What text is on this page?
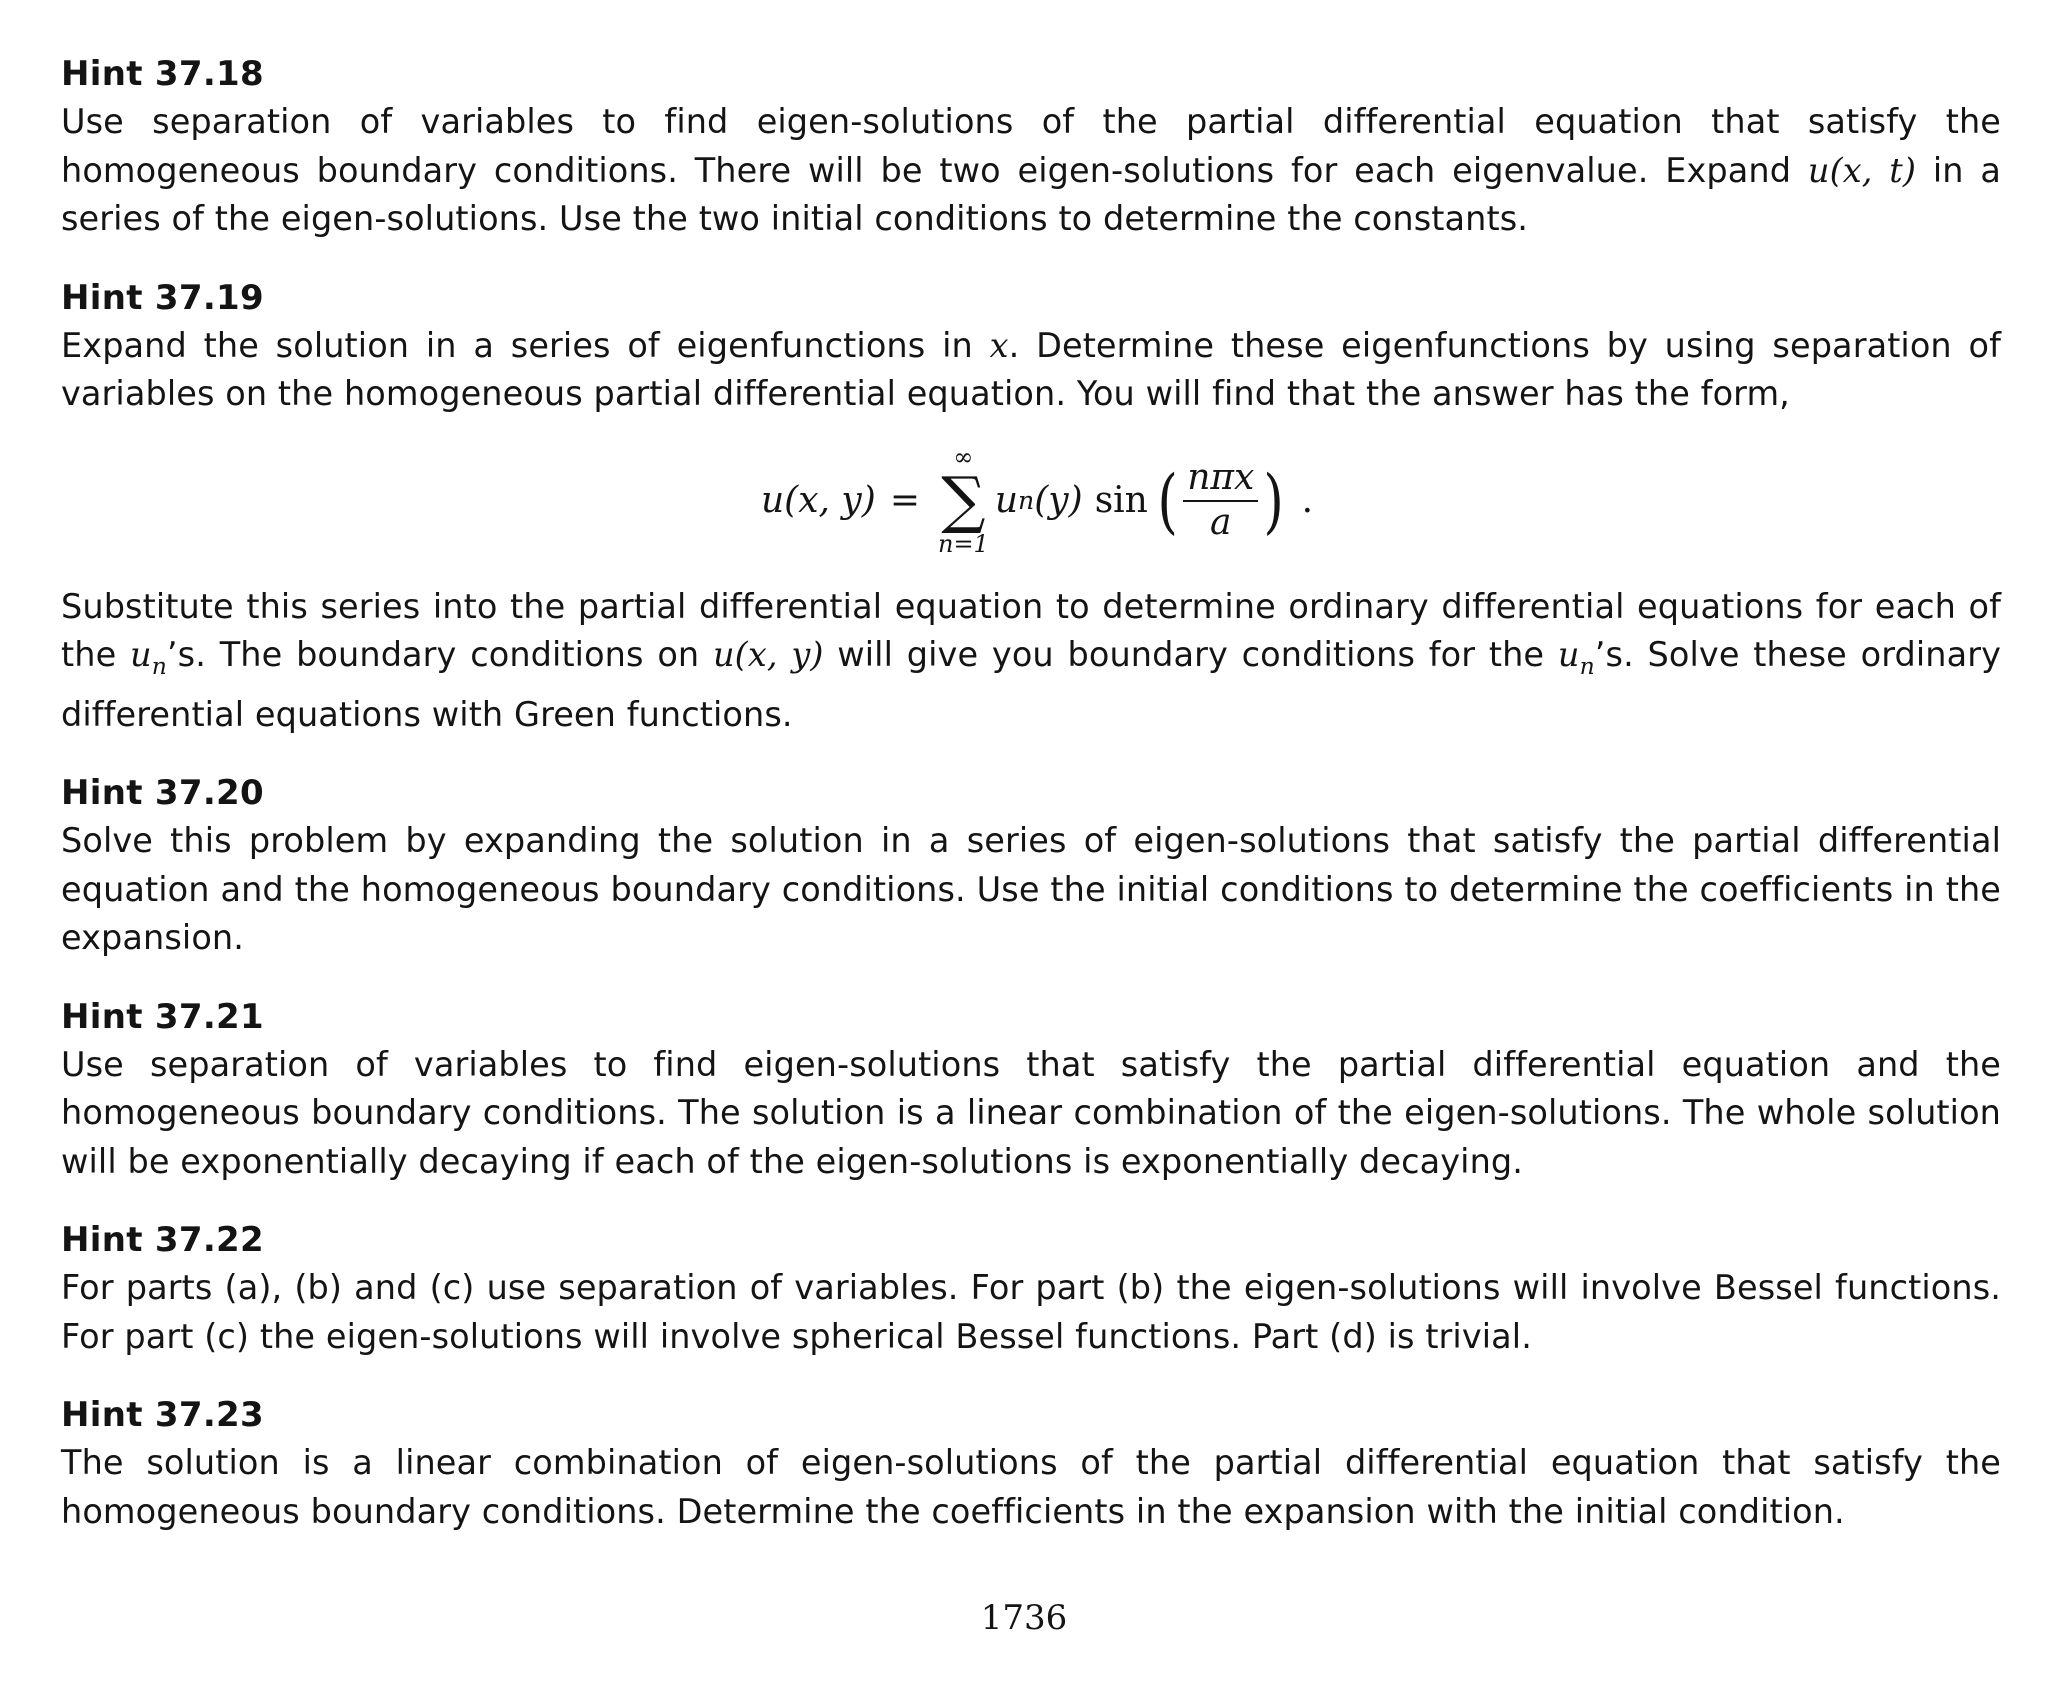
Hint 37.18
Use separation of variables to find eigen-solutions of the partial differential equation that satisfy the homogeneous boundary conditions. There will be two eigen-solutions for each eigenvalue. Expand u(x, t) in a series of the eigen-solutions. Use the two initial conditions to determine the constants.
Hint 37.19
Expand the solution in a series of eigenfunctions in x. Determine these eigenfunctions by using separation of variables on the homogeneous partial differential equation. You will find that the answer has the form,
u(x, y) =
∞
∑
n=1
u n (y) sin ( $\frac{\text{nπx}}{a}$ ) .
Substitute this series into the partial differential equation to determine ordinary differential equations for each of the $u_n’s$. The boundary conditions on u(x, y) will give you boundary conditions for the $u_n’s$. Solve these ordinary differential equations with Green functions.
Hint 37.20
Solve this problem by expanding the solution in a series of eigen-solutions that satisfy the partial differential equation and the homogeneous boundary conditions. Use the initial conditions to determine the coefficients in the expansion.
Hint 37.21
Use separation of variables to find eigen-solutions that satisfy the partial differential equation and the homogeneous boundary conditions. The solution is a linear combination of the eigen-solutions. The whole solution will be exponentially decaying if each of the eigen-solutions is exponentially decaying.
Hint 37.22
For parts (a), (b) and (c) use separation of variables. For part (b) the eigen-solutions will involve Bessel functions. For part (c) the eigen-solutions will involve spherical Bessel functions. Part (d) is trivial.
Hint 37.23
The solution is a linear combination of eigen-solutions of the partial differential equation that satisfy the homogeneous boundary conditions. Determine the coefficients in the expansion with the initial condition.
1736
